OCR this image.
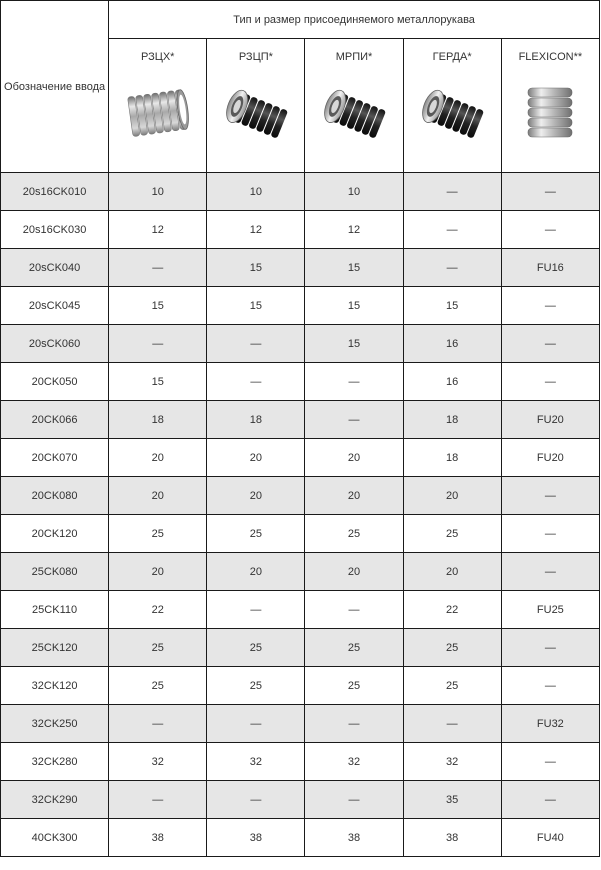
Обозначение ввода	Тип и размер присоединяемого металлорукава				

	РЗЦХ*	РЗЦП*	МРПИ*	ГЕРДА*	FLEXICON**

20s16CK010	10	10	10	—	—
20s16CK030	12	12	12	—	—
20sCK040	—	15	15	—	FU16
20sCK045	15	15	15	15	—
20sCK060	—	—	15	16	—
20CK050	15	—	—	16	—
20CK066	18	18	—	18	FU20
20CK070	20	20	20	18	FU20
20CK080	20	20	20	20	—
20CK120	25	25	25	25	—
25CK080	20	20	20	20	—
25CK110	22	—	—	22	FU25
25CK120	25	25	25	25	—
32CK120	25	25	25	25	—
32CK250	—	—	—	—	FU32
32CK280	32	32	32	32	—
32CK290	—	—	—	35	—
40CK300	38	38	38	38	FU40
